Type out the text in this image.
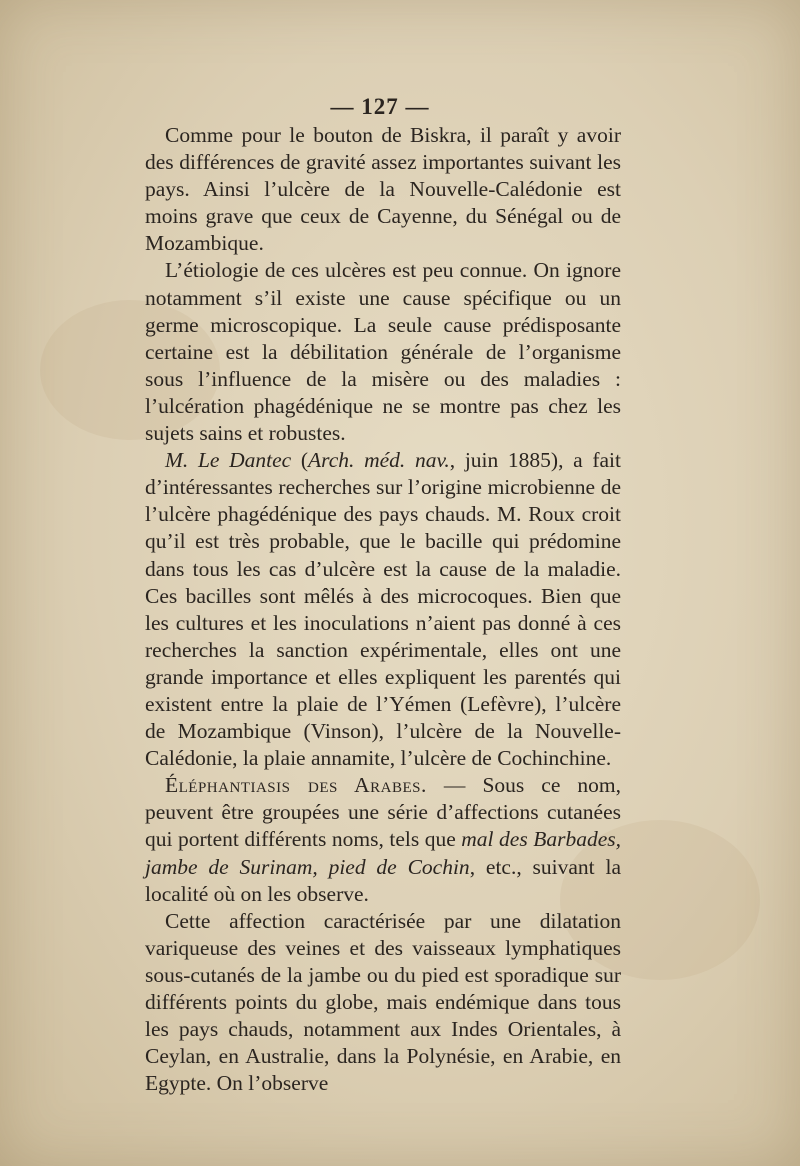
— 127 —

Comme pour le bouton de Biskra, il paraît y avoir des différences de gravité assez importantes suivant les pays. Ainsi l’ulcère de la Nouvelle-Calédonie est moins grave que ceux de Cayenne, du Sénégal ou de Mozambique.

L’étiologie de ces ulcères est peu connue. On ignore notamment s’il existe une cause spécifique ou un germe microscopique. La seule cause prédisposante certaine est la débilitation générale de l’organisme sous l’influence de la misère ou des maladies : l’ulcération phagédénique ne se montre pas chez les sujets sains et robustes.

M. Le Dantec (Arch. méd. nav., juin 1885), a fait d’intéressantes recherches sur l’origine microbienne de l’ulcère phagédénique des pays chauds. M. Roux croit qu’il est très probable, que le bacille qui prédomine dans tous les cas d’ulcère est la cause de la maladie. Ces bacilles sont mêlés à des microcoques. Bien que les cultures et les inoculations n’aient pas donné à ces recherches la sanction expérimentale, elles ont une grande importance et elles expliquent les parentés qui existent entre la plaie de l’Yémen (Lefèvre), l’ulcère de Mozambique (Vinson), l’ulcère de la Nouvelle-Calédonie, la plaie annamite, l’ulcère de Cochinchine.

Éléphantiasis des Arabes. — Sous ce nom, peuvent être groupées une série d’affections cutanées qui portent différents noms, tels que mal des Barbades, jambe de Surinam, pied de Cochin, etc., suivant la localité où on les observe.

Cette affection caractérisée par une dilatation variqueuse des veines et des vaisseaux lymphatiques sous-cutanés de la jambe ou du pied est sporadique sur différents points du globe, mais endémique dans tous les pays chauds, notamment aux Indes Orientales, à Ceylan, en Australie, dans la Polynésie, en Arabie, en Egypte. On l’observe
